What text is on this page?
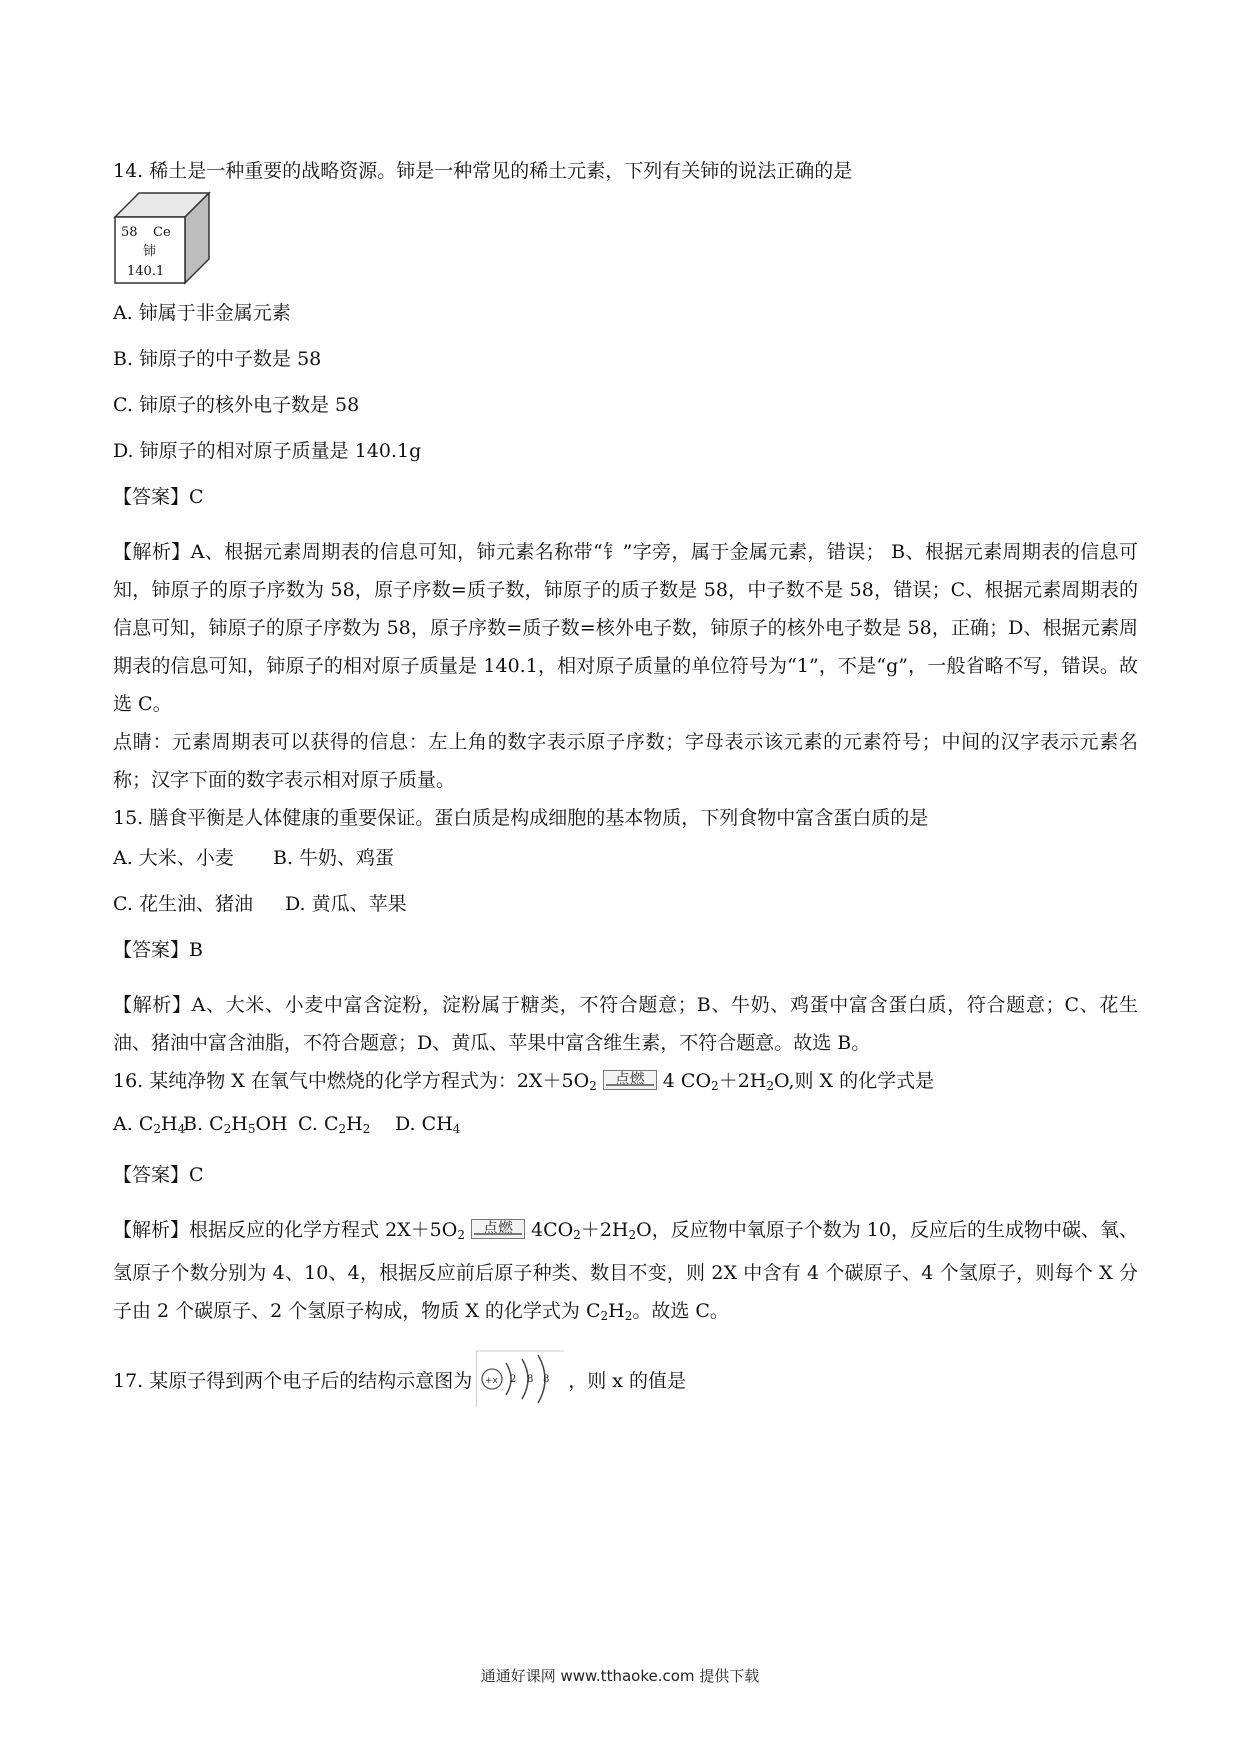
14. 稀土是一种重要的战略资源。铈是一种常见的稀土元素，下列有关铈的说法正确的是

58 Ce
铈
140.1

A. 铈属于非金属元素

B. 铈原子的中子数是 58

C. 铈原子的核外电子数是 58

D. 铈原子的相对原子质量是 140.1g

【答案】C

【解析】A、根据元素周期表的信息可知，铈元素名称带“钅”字旁，属于金属元素，错误； B、根据元素周期表的信息可知，铈原子的原子序数为 58，原子序数=质子数，铈原子的质子数是 58，中子数不是 58，错误；C、根据元素周期表的信息可知，铈原子的原子序数为 58，原子序数=质子数=核外电子数，铈原子的核外电子数是 58，正确；D、根据元素周期表的信息可知，铈原子的相对原子质量是 140.1，相对原子质量的单位符号为“1”，不是“g”，一般省略不写，错误。故选 C。

点睛：元素周期表可以获得的信息：左上角的数字表示原子序数；字母表示该元素的元素符号；中间的汉字表示元素名称；汉字下面的数字表示相对原子质量。

15. 膳食平衡是人体健康的重要保证。蛋白质是构成细胞的基本物质，下列食物中富含蛋白质的是

A. 大米、小麦 B. 牛奶、鸡蛋

C. 花生油、猪油 D. 黄瓜、苹果

【答案】B

【解析】A、大米、小麦中富含淀粉，淀粉属于糖类，不符合题意；B、牛奶、鸡蛋中富含蛋白质，符合题意；C、花生油、猪油中富含油脂，不符合题意；D、黄瓜、苹果中富含维生素，不符合题意。故选 B。

16. 某纯净物 X 在氧气中燃烧的化学方程式为：$2X+5O_2$ 点燃 4 $CO_2+2H_2O$,则 X 的化学式是

A. $C_2H_4B$. $C_2H_5OH$ C. $C_2H_2$ D. $CH_4$

【答案】C

【解析】根据反应的化学方程式 $2X+5O_2$ 点燃 $4CO_2+2H_2O$，反应物中氧原子个数为 10，反应后的生成物中碳、氧、氢原子个数分别为 4、10、4，根据反应前后原子种类、数目不变，则 2X 中含有 4 个碳原子、4 个氢原子，则每个 X 分子由 2 个碳原子、2 个氢原子构成，物质 X 的化学式为 $C_2H_2$。故选 C。

17. 某原子得到两个电子后的结构示意图为 +x 2 8 8 ，则 x 的值是

通通好课网 www.tthaoke.com 提供下载
